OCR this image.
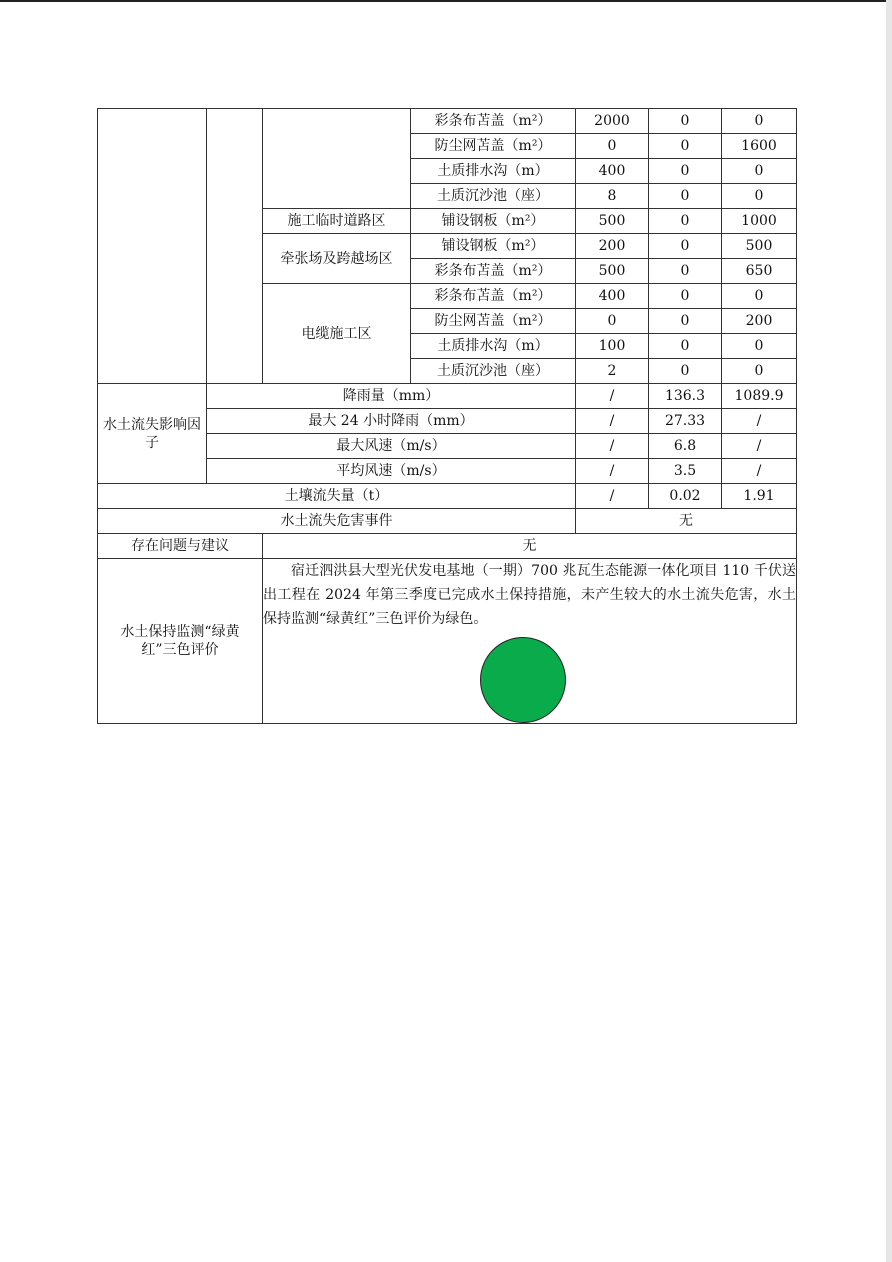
			彩条布苫盖（m²）	2000	0	0
			防尘网苫盖（m²）	0	0	1600
			土质排水沟（m）	400	0	0
			土质沉沙池（座）	8	0	0
		施工临时道路区	铺设钢板（m²）	500	0	1000
		牵张场及跨越场区	铺设钢板（m²）	200	0	500
			彩条布苫盖（m²）	500	0	650
		电缆施工区	彩条布苫盖（m²）	400	0	0
			防尘网苫盖（m²）	0	0	200
			土质排水沟（m）	100	0	0
			土质沉沙池（座）	2	0	0
水土流失影响因子	降雨量（mm）			/	136.3	1089.9
	最大 24 小时降雨（mm）			/	27.33	/
	最大风速（m/s）			/	6.8	/
	平均风速（m/s）			/	3.5	/
土壤流失量（t）				/	0.02	1.91
水土流失危害事件				无		
存在问题与建议		无				
水土保持监测“绿黄红”三色评价		宿迁泗洪县大型光伏发电基地（一期）700 兆瓦生态能源一体化项目 110 千伏送出工程在 2024 年第三季度已完成水土保持措施，未产生较大的水土流失危害，水土保持监测“绿黄红”三色评价为绿色。				
